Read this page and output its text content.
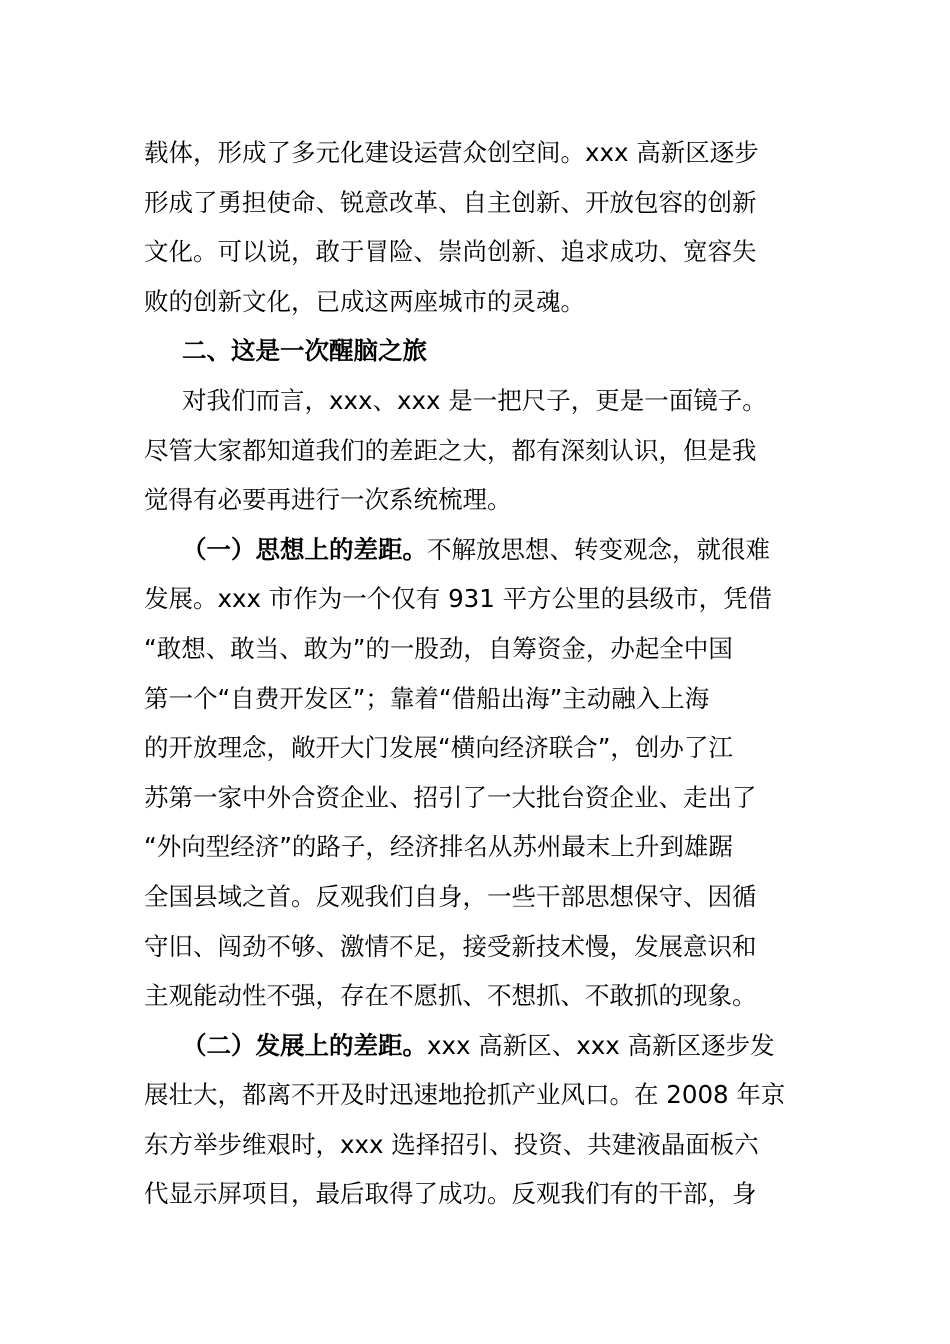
载体，形成了多元化建设运营众创空间。xxx 高新区逐步
形成了勇担使命、锐意改革、自主创新、开放包容的创新
文化。可以说，敢于冒险、崇尚创新、追求成功、宽容失
败的创新文化，已成这两座城市的灵魂。
二、这是一次醒脑之旅
对我们而言，xxx、xxx 是一把尺子，更是一面镜子。
尽管大家都知道我们的差距之大，都有深刻认识，但是我
觉得有必要再进行一次系统梳理。
（一）思想上的差距。不解放思想、转变观念，就很难
发展。xxx 市作为一个仅有 931 平方公里的县级市，凭借
“敢想、敢当、敢为”的一股劲，自筹资金，办起全中国
第一个“自费开发区”；靠着“借船出海”主动融入上海
的开放理念，敞开大门发展“横向经济联合”，创办了江
苏第一家中外合资企业、招引了一大批台资企业、走出了
“外向型经济”的路子，经济排名从苏州最末上升到雄踞
全国县域之首。反观我们自身，一些干部思想保守、因循
守旧、闯劲不够、激情不足，接受新技术慢，发展意识和
主观能动性不强，存在不愿抓、不想抓、不敢抓的现象。
（二）发展上的差距。xxx 高新区、xxx 高新区逐步发
展壮大，都离不开及时迅速地抢抓产业风口。在 2008 年京
东方举步维艰时，xxx 选择招引、投资、共建液晶面板六
代显示屏项目，最后取得了成功。反观我们有的干部，身
